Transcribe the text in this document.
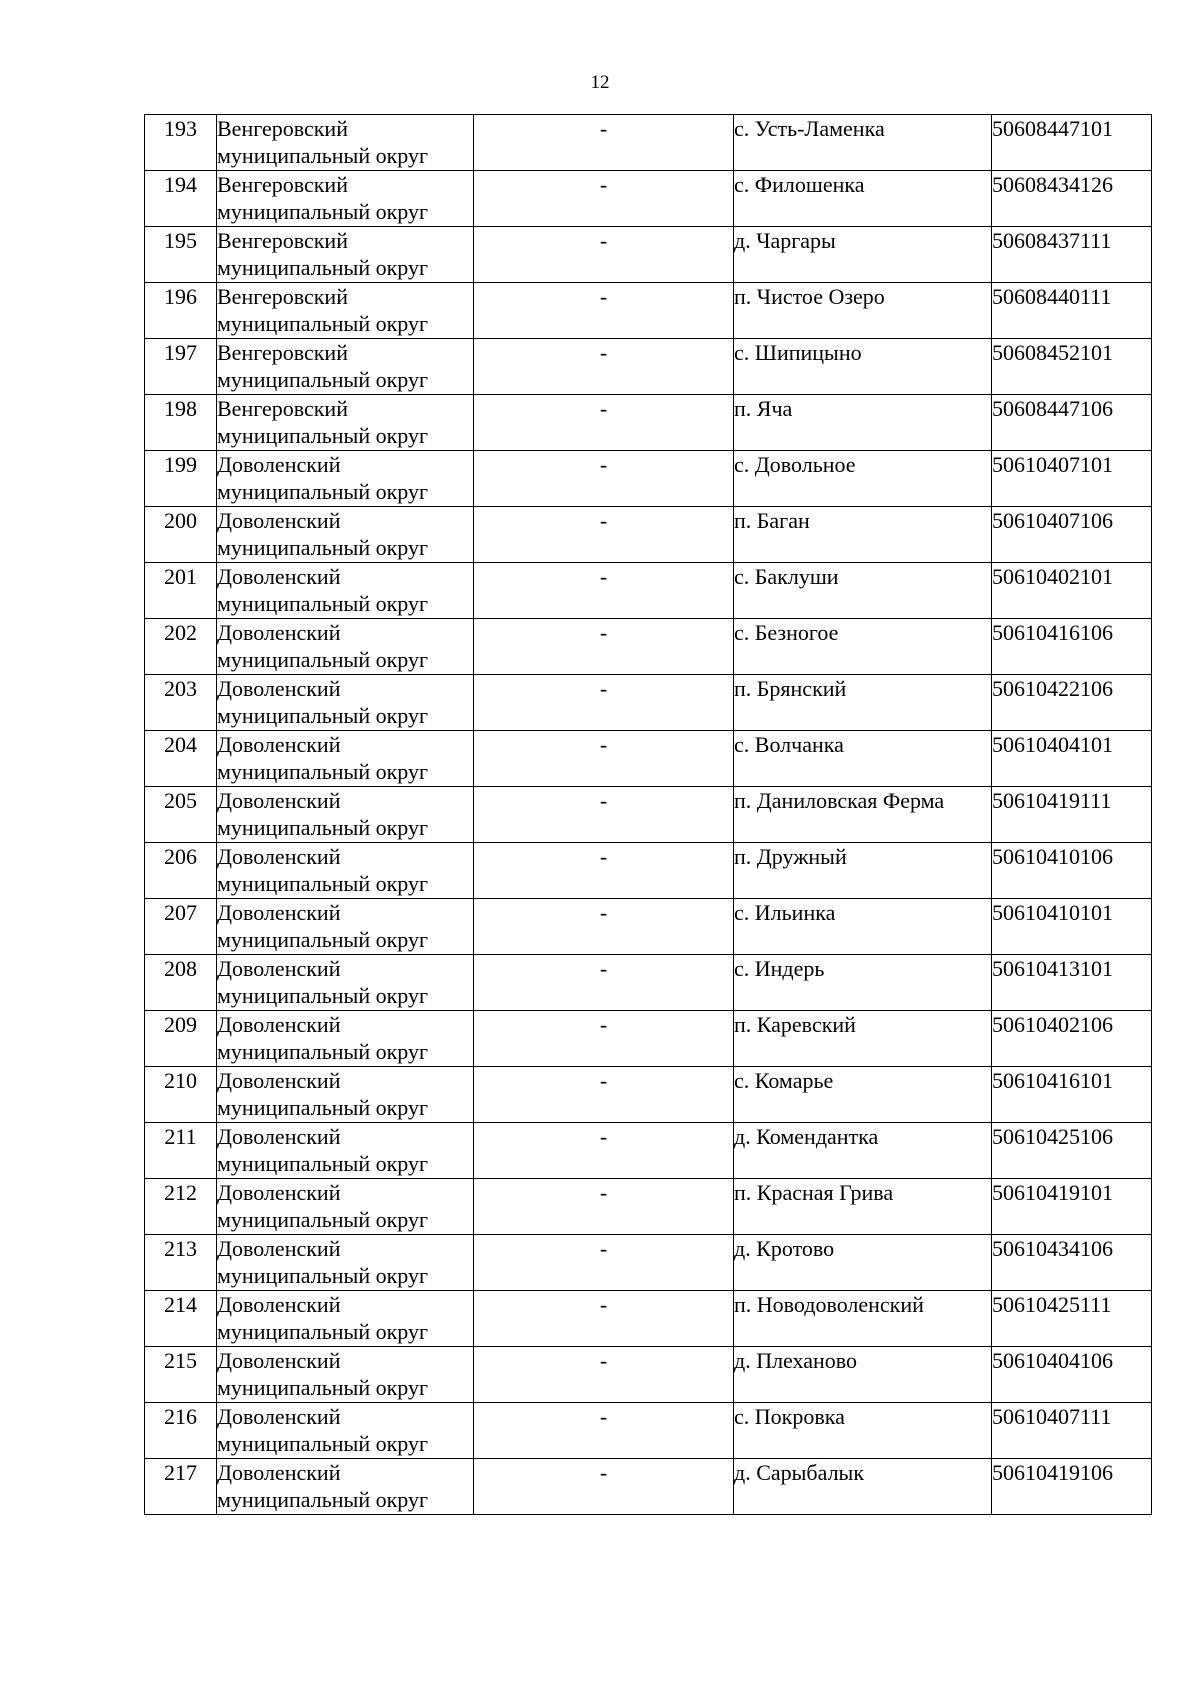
12
193	Венгеровский
муниципальный округ	-	с. Усть-Ламенка	50608447101
194	Венгеровский
муниципальный округ	-	с. Филошенка	50608434126
195	Венгеровский
муниципальный округ	-	д. Чаргары	50608437111
196	Венгеровский
муниципальный округ	-	п. Чистое Озеро	50608440111
197	Венгеровский
муниципальный округ	-	с. Шипицыно	50608452101
198	Венгеровский
муниципальный округ	-	п. Яча	50608447106
199	Доволенский
муниципальный округ	-	с. Довольное	50610407101
200	Доволенский
муниципальный округ	-	п. Баган	50610407106
201	Доволенский
муниципальный округ	-	с. Баклуши	50610402101
202	Доволенский
муниципальный округ	-	с. Безногое	50610416106
203	Доволенский
муниципальный округ	-	п. Брянский	50610422106
204	Доволенский
муниципальный округ	-	с. Волчанка	50610404101
205	Доволенский
муниципальный округ	-	п. Даниловская Ферма	50610419111
206	Доволенский
муниципальный округ	-	п. Дружный	50610410106
207	Доволенский
муниципальный округ	-	с. Ильинка	50610410101
208	Доволенский
муниципальный округ	-	с. Индерь	50610413101
209	Доволенский
муниципальный округ	-	п. Каревский	50610402106
210	Доволенский
муниципальный округ	-	с. Комарье	50610416101
211	Доволенский
муниципальный округ	-	д. Комендантка	50610425106
212	Доволенский
муниципальный округ	-	п. Красная Грива	50610419101
213	Доволенский
муниципальный округ	-	д. Кротово	50610434106
214	Доволенский
муниципальный округ	-	п. Новодоволенский	50610425111
215	Доволенский
муниципальный округ	-	д. Плеханово	50610404106
216	Доволенский
муниципальный округ	-	с. Покровка	50610407111
217	Доволенский
муниципальный округ	-	д. Сарыбалык	50610419106
